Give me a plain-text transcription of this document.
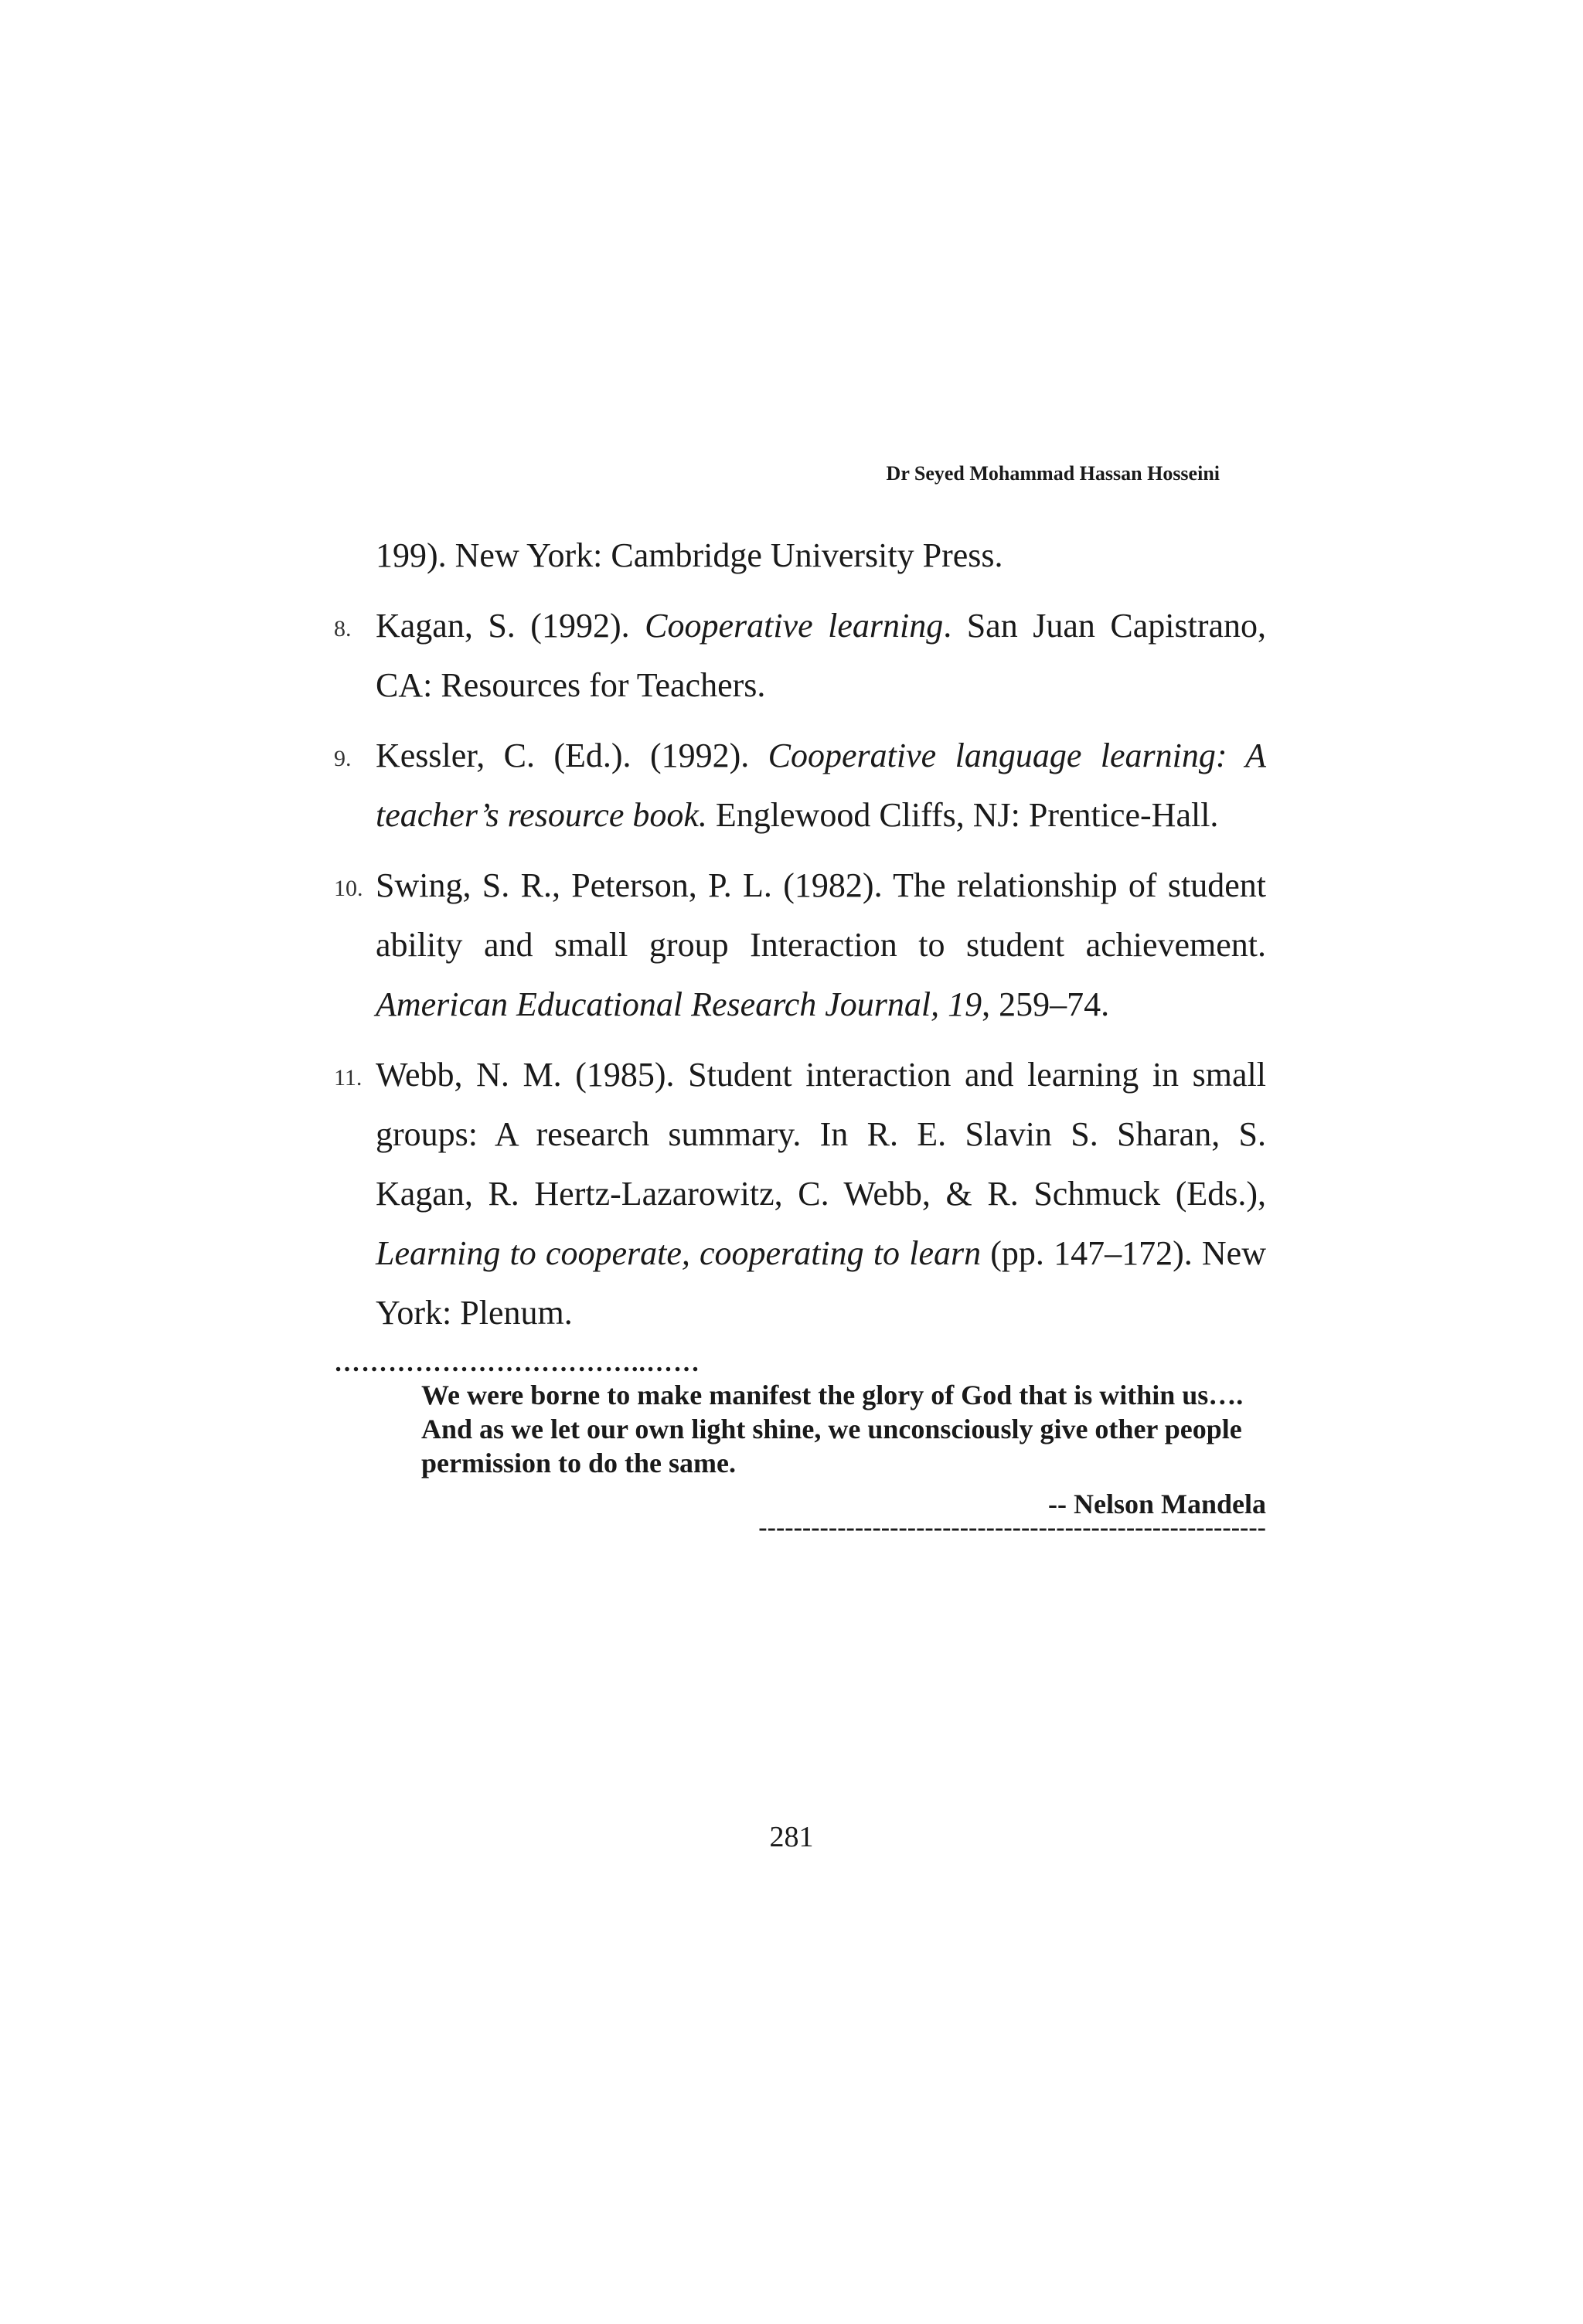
Dr Seyed Mohammad Hassan Hosseini
199). New York: Cambridge University Press.
8. Kagan, S. (1992). Cooperative learning. San Juan Capistrano, CA: Resources for Teachers.
9. Kessler, C. (Ed.). (1992). Cooperative language learning: A teacher’s resource book. Englewood Cliffs, NJ: Prentice-Hall.
10. Swing, S. R., Peterson, P. L. (1982). The relationship of student ability and small group Interaction to student achievement. American Educational Research Journal, 19, 259–74.
11. Webb, N. M. (1985). Student interaction and learning in small groups: A research summary. In R. E. Slavin S. Sharan, S. Kagan, R. Hertz-Lazarowitz, C. Webb, & R. Schmuck (Eds.), Learning to cooperate, cooperating to learn (pp. 147–172). New York: Plenum.
……………………………..……
We were borne to make manifest the glory of God that is within us…. And as we let our own light shine, we unconsciously give other people permission to do the same.
-- Nelson Mandela
----------------------------------------------------------
281
